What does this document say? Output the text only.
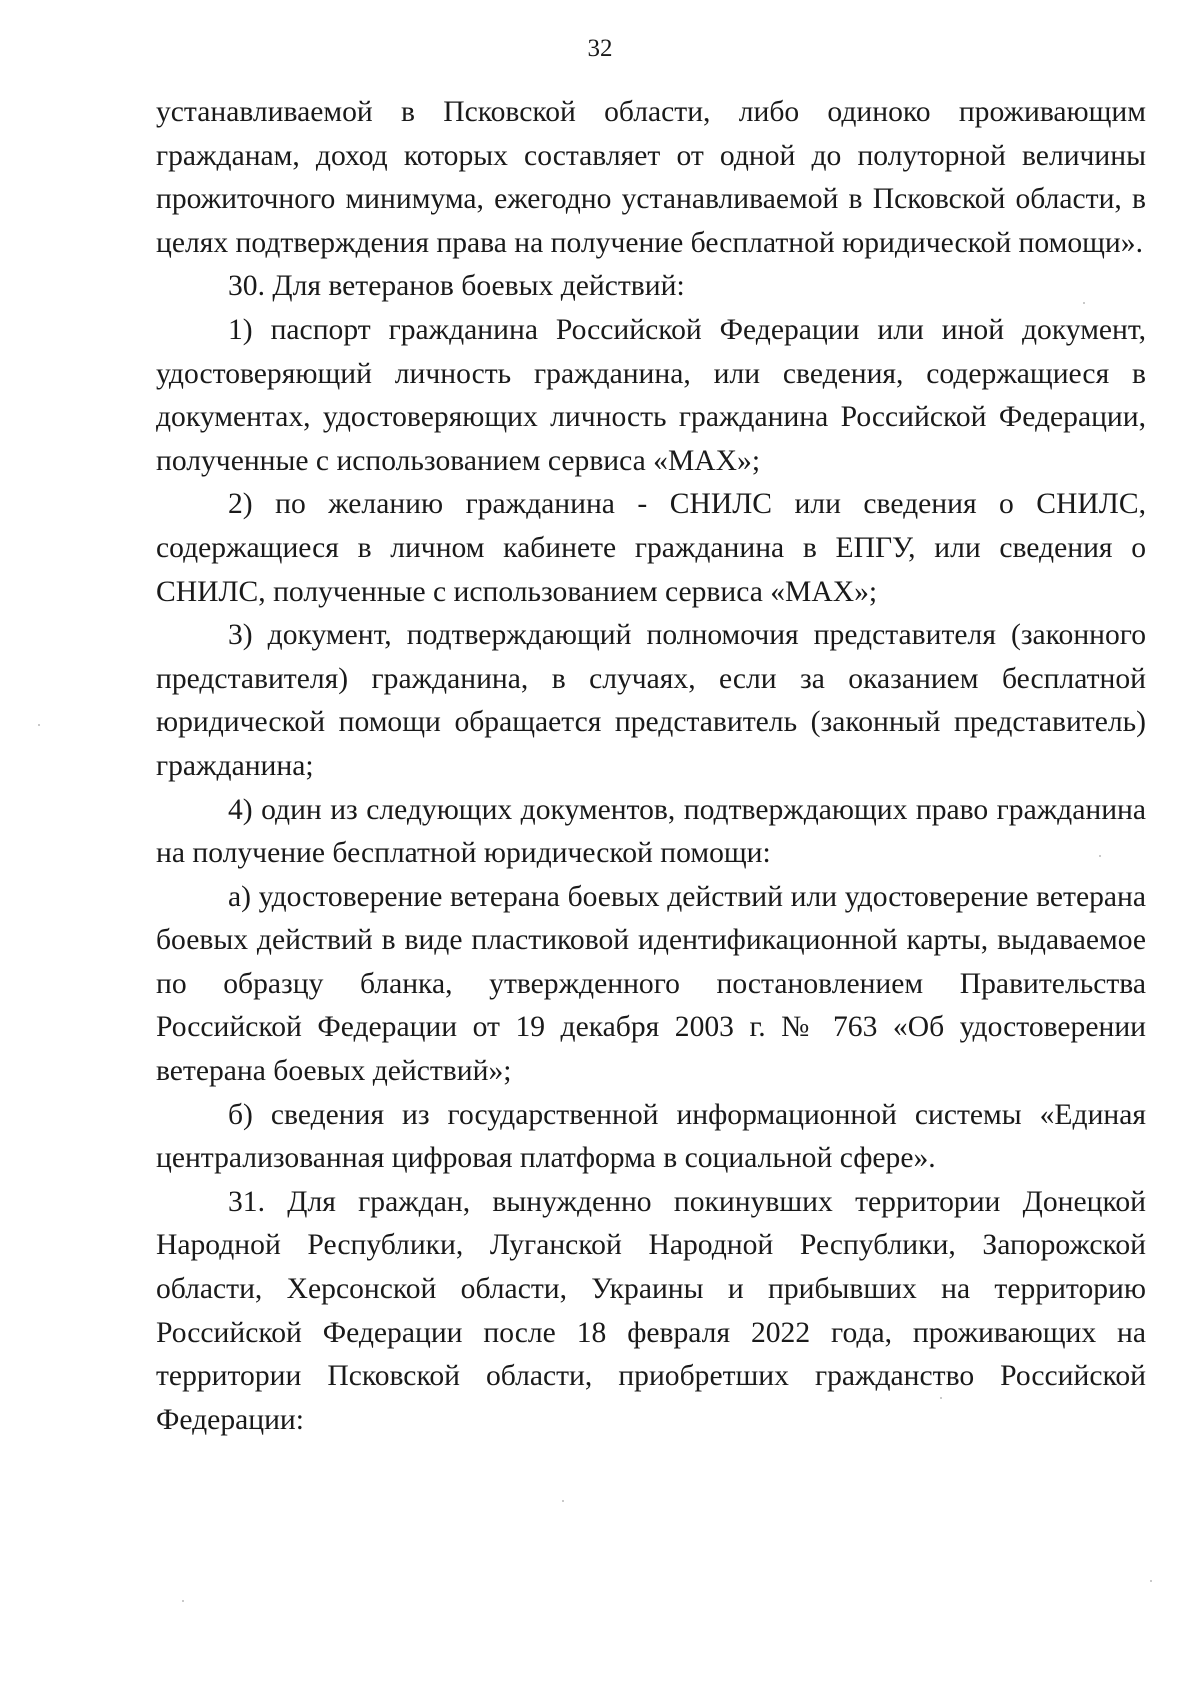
32

устанавливаемой в Псковской области, либо одиноко проживающим гражданам, доход которых составляет от одной до полуторной величины прожиточного минимума, ежегодно устанавливаемой в Псковской области, в целях подтверждения права на получение бесплатной юридической помощи».

30. Для ветеранов боевых действий:

1) паспорт гражданина Российской Федерации или иной документ, удостоверяющий личность гражданина, или сведения, содержащиеся в документах, удостоверяющих личность гражданина Российской Федерации, полученные с использованием сервиса «МАХ»;

2) по желанию гражданина - СНИЛС или сведения о СНИЛС, содержащиеся в личном кабинете гражданина в ЕПГУ, или сведения о СНИЛС, полученные с использованием сервиса «МАХ»;

3) документ, подтверждающий полномочия представителя (законного представителя) гражданина, в случаях, если за оказанием бесплатной юридической помощи обращается представитель (законный представитель) гражданина;

4) один из следующих документов, подтверждающих право гражданина на получение бесплатной юридической помощи:

а) удостоверение ветерана боевых действий или удостоверение ветерана боевых действий в виде пластиковой идентификационной карты, выдаваемое по образцу бланка, утвержденного постановлением Правительства Российской Федерации от 19 декабря 2003 г. № 763 «Об удостоверении ветерана боевых действий»;

б) сведения из государственной информационной системы «Единая централизованная цифровая платформа в социальной сфере».

31. Для граждан, вынужденно покинувших территории Донецкой Народной Республики, Луганской Народной Республики, Запорожской области, Херсонской области, Украины и прибывших на территорию Российской Федерации после 18 февраля 2022 года, проживающих на территории Псковской области, приобретших гражданство Российской Федерации:
